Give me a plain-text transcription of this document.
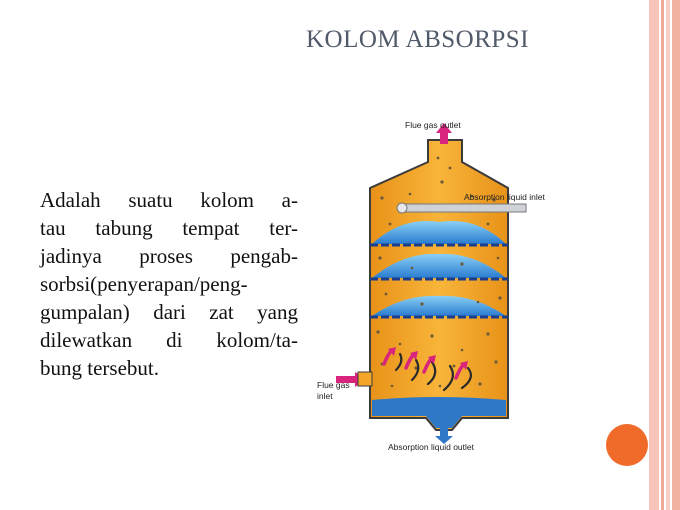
KOLOM ABSORPSI
Adalah suatu kolom a-
tau tabung tempat ter-
jadinya proses pengab-
sorbsi(penyerapan/peng-
gumpalan) dari zat yang
dilewatkan di kolom/ta-
bung tersebut.
Flue gas outlet
Absorption liquid inlet
Flue gas
inlet
Absorption liquid outlet
